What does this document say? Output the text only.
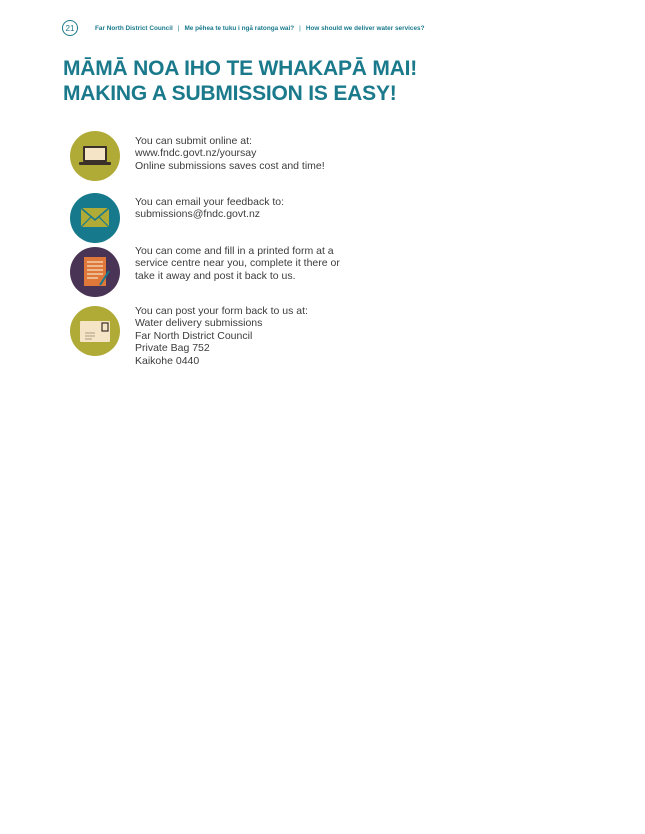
21	Far North District Council | Me pēhea te tuku i ngā ratonga wai? | How should we deliver water services?
MĀMĀ NOA IHO TE WHAKAPĀ MAI!
MAKING A SUBMISSION IS EASY!
You can submit online at:
www.fndc.govt.nz/yoursay
Online submissions saves cost and time!
You can email your feedback to:
submissions@fndc.govt.nz
You can come and fill in a printed form at a
service centre near you, complete it there or
take it away and post it back to us.
You can post your form back to us at:
Water delivery submissions
Far North District Council
Private Bag 752
Kaikohe 0440
